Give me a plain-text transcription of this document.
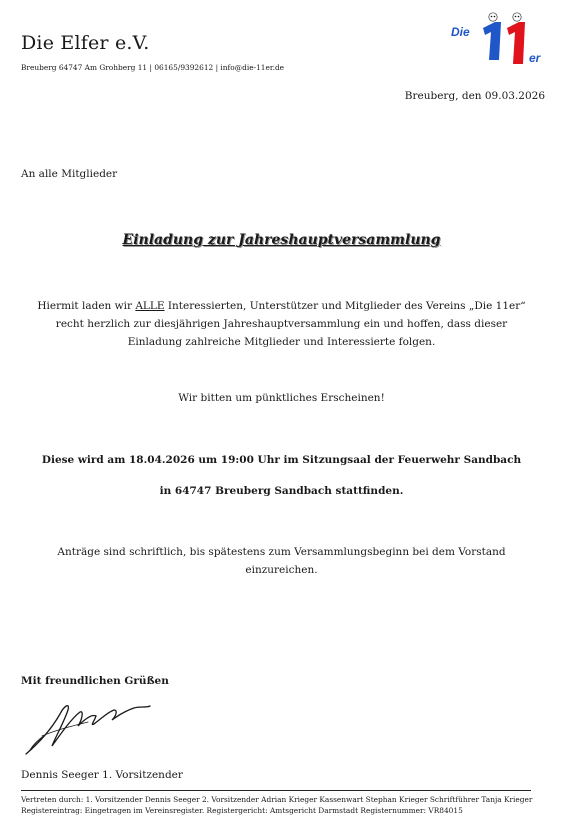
Die Elfer e.V.
Breuberg 64747 Am Grohberg 11 | 06165/9392612 | info@die-11er.de
Die
er
Breuberg, den 09.03.2026
An alle Mitglieder
Einladung zur Jahreshauptversammlung
Hiermit laden wir ALLE Interessierten, Unterstützer und Mitglieder des Vereins „Die 11er“
recht herzlich zur diesjährigen Jahreshauptversammlung ein und hoffen, dass dieser
Einladung zahlreiche Mitglieder und Interessierte folgen.
Wir bitten um pünktliches Erscheinen!
Diese wird am 18.04.2026 um 19:00 Uhr im Sitzungsaal der Feuerwehr Sandbach
in 64747 Breuberg Sandbach stattfinden.
Anträge sind schriftlich, bis spätestens zum Versammlungsbeginn bei dem Vorstand
einzureichen.
Mit freundlichen Grüßen
Dennis Seeger 1. Vorsitzender
Vertreten durch: 1. Vorsitzender Dennis Seeger 2. Vorsitzender Adrian Krieger Kassenwart Stephan Krieger Schriftführer Tanja Krieger
Registereintrag: Eingetragen im Vereinsregister. Registergericht: Amtsgericht Darmstadt Registernummer: VR84015
